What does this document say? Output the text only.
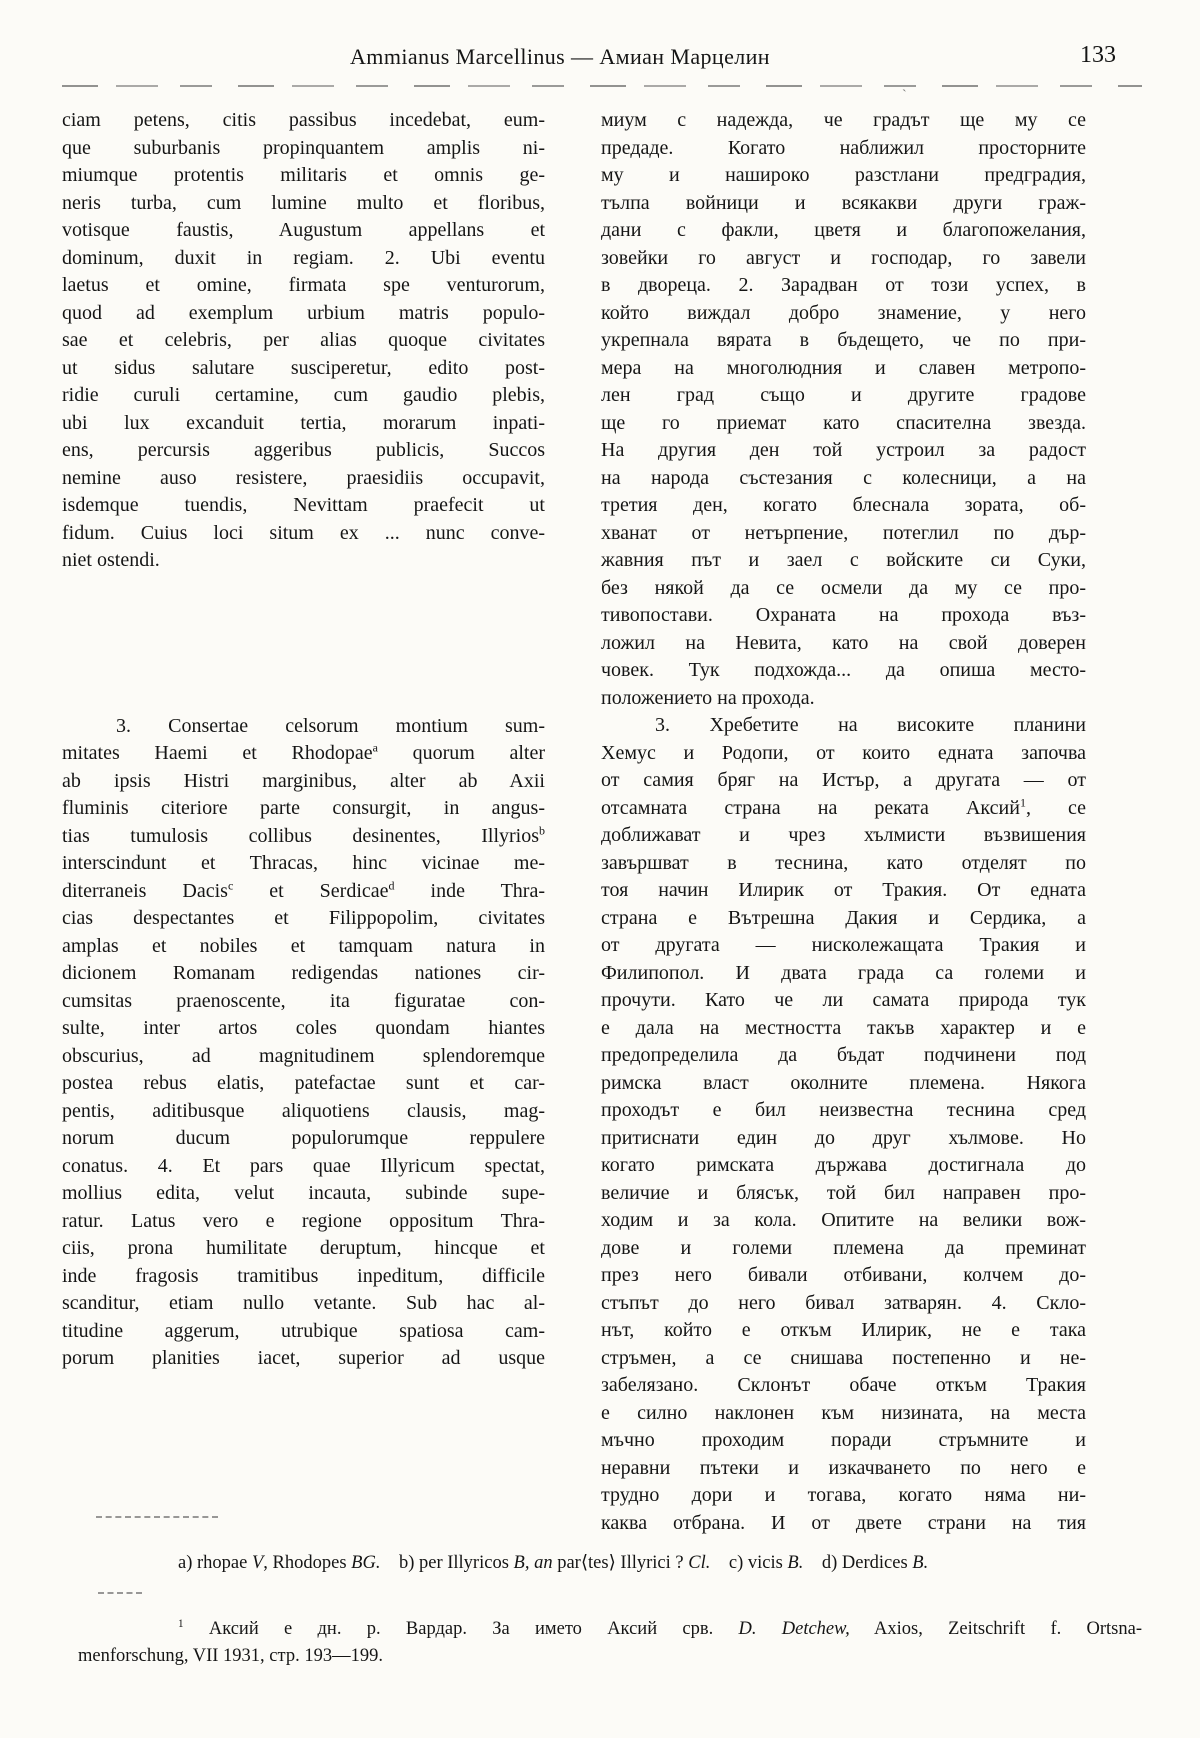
Ammianus Marcellinus — Амиан Марцелин	133
ciam petens, citis passibus incedebat, eum-
que suburbanis propinquantem amplis ni-
miumque protentis militaris et omnis ge-
neris turba, cum lumine multo et floribus,
votisque faustis, Augustum appellans et
dominum, duxit in regiam. 2. Ubi eventu
laetus et omine, firmata spe venturorum,
quod ad exemplum urbium matris populo-
sae et celebris, per alias quoque civitates
ut sidus salutare susciperetur, edito post-
ridie curuli certamine, cum gaudio plebis,
ubi lux excanduit tertia, morarum inpati-
ens, percursis aggeribus publicis, Succos
nemine auso resistere, praesidiis occupavit,
isdemque tuendis, Nevittam praefecit ut
fidum. Cuius loci situm ex ... nunc conve-
niet ostendi.
3. Consertae celsorum montium sum-
mitates Haemi et Rhodopae$^a$ quorum alter
ab ipsis Histri marginibus, alter ab Axii
fluminis citeriore parte consurgit, in angus-
tias tumulosis collibus desinentes, Illyrios$^b$
interscindunt et Thracas, hinc vicinae me-
diterraneis Dacis$^c$ et Serdicae$^d$ inde Thra-
cias despectantes et Filippopolim, civitates
amplas et nobiles et tamquam natura in
dicionem Romanam redigendas nationes cir-
cumsitas praenoscente, ita figuratae con-
sulte, inter artos coles quondam hiantes
obscurius, ad magnitudinem splendoremque
postea rebus elatis, patefactae sunt et car-
pentis, aditibusque aliquotiens clausis, mag-
norum ducum populorumque reppulere
conatus. 4. Et pars quae Illyricum spectat,
mollius edita, velut incauta, subinde supe-
ratur. Latus vero e regione oppositum Thra-
ciis, prona humilitate deruptum, hincque et
inde fragosis tramitibus inpeditum, difficile
scanditur, etiam nullo vetante. Sub hac al-
titudine aggerum, utrubique spatiosa cam-
porum planities iacet, superior ad usque
миум с надежда, че градът ще му се
предаде. Когато наближил просторните
му и нашироко разстлани предградия,
тълпа войници и всякакви други граж-
дани с факли, цветя и благопожелания,
зовейки го август и господар, го завели
в двореца. 2. Зарадван от този успех, в
който виждал добро знамение, у него
укрепнала вярата в бъдещето, че по при-
мера на многолюдния и славен метропо-
лен град също и другите градове
ще го приемат като спасителна звезда.
На другия ден той устроил за радост
на народа състезания с колесници, а на
третия ден, когато блеснала зората, об-
хванат от нетърпение, потеглил по дър-
жавния път и заел с войските си Суки,
без някой да се осмели да му се про-
тивопостави. Охраната на прохода въз-
ложил на Невита, като на свой доверен
човек. Тук подхожда... да опиша место-
положението на прохода.
3. Хребетите на високите планини
Хемус и Родопи, от които едната започва
от самия бряг на Истър, а другата — от
отсамната страна на реката Аксий$^1$, се
доближават и чрез хълмисти възвишения
завършват в теснина, като отделят по
тоя начин Илирик от Тракия. От едната
страна е Вътрешна Дакия и Сердика, а
от другата — нисколежащата Тракия и
Филипопол. И двата града са големи и
прочути. Като че ли самата природа тук
е дала на местността такъв характер и е
предопределила да бъдат подчинени под
римска власт околните племена. Някога
проходът е бил неизвестна теснина сред
притиснати един до друг хълмове. Но
когато римската държава достигнала до
величие и блясък, той бил направен про-
ходим и за кола. Опитите на велики вож-
дове и големи племена да преминат
през него бивали отбивани, колчем до-
стъпът до него бивал затварян. 4. Скло-
нът, който е откъм Илирик, не е така
стръмен, а се снишава постепенно и не-
забелязано. Склонът обаче откъм Тракия
е силно наклонен към низината, на места
мъчно проходим поради стръмните и
неравни пътеки и изкачването по него е
трудно дори и тогава, когато няма ни-
каква отбрана. И от двете страни на тия
a) rhopae V, Rhodopes BG.  b) per Illyricos B, an par⟨tes⟩ Illyrici ? Cl.  c) vicis B.  d) Derdices B.
$^1$ Аксий е дн. р. Вардар. За името Аксий срв. D. Detchew, Axios, Zeitschrift f. Ortsna-
menforschung, VII 1931, стр. 193—199.
`
